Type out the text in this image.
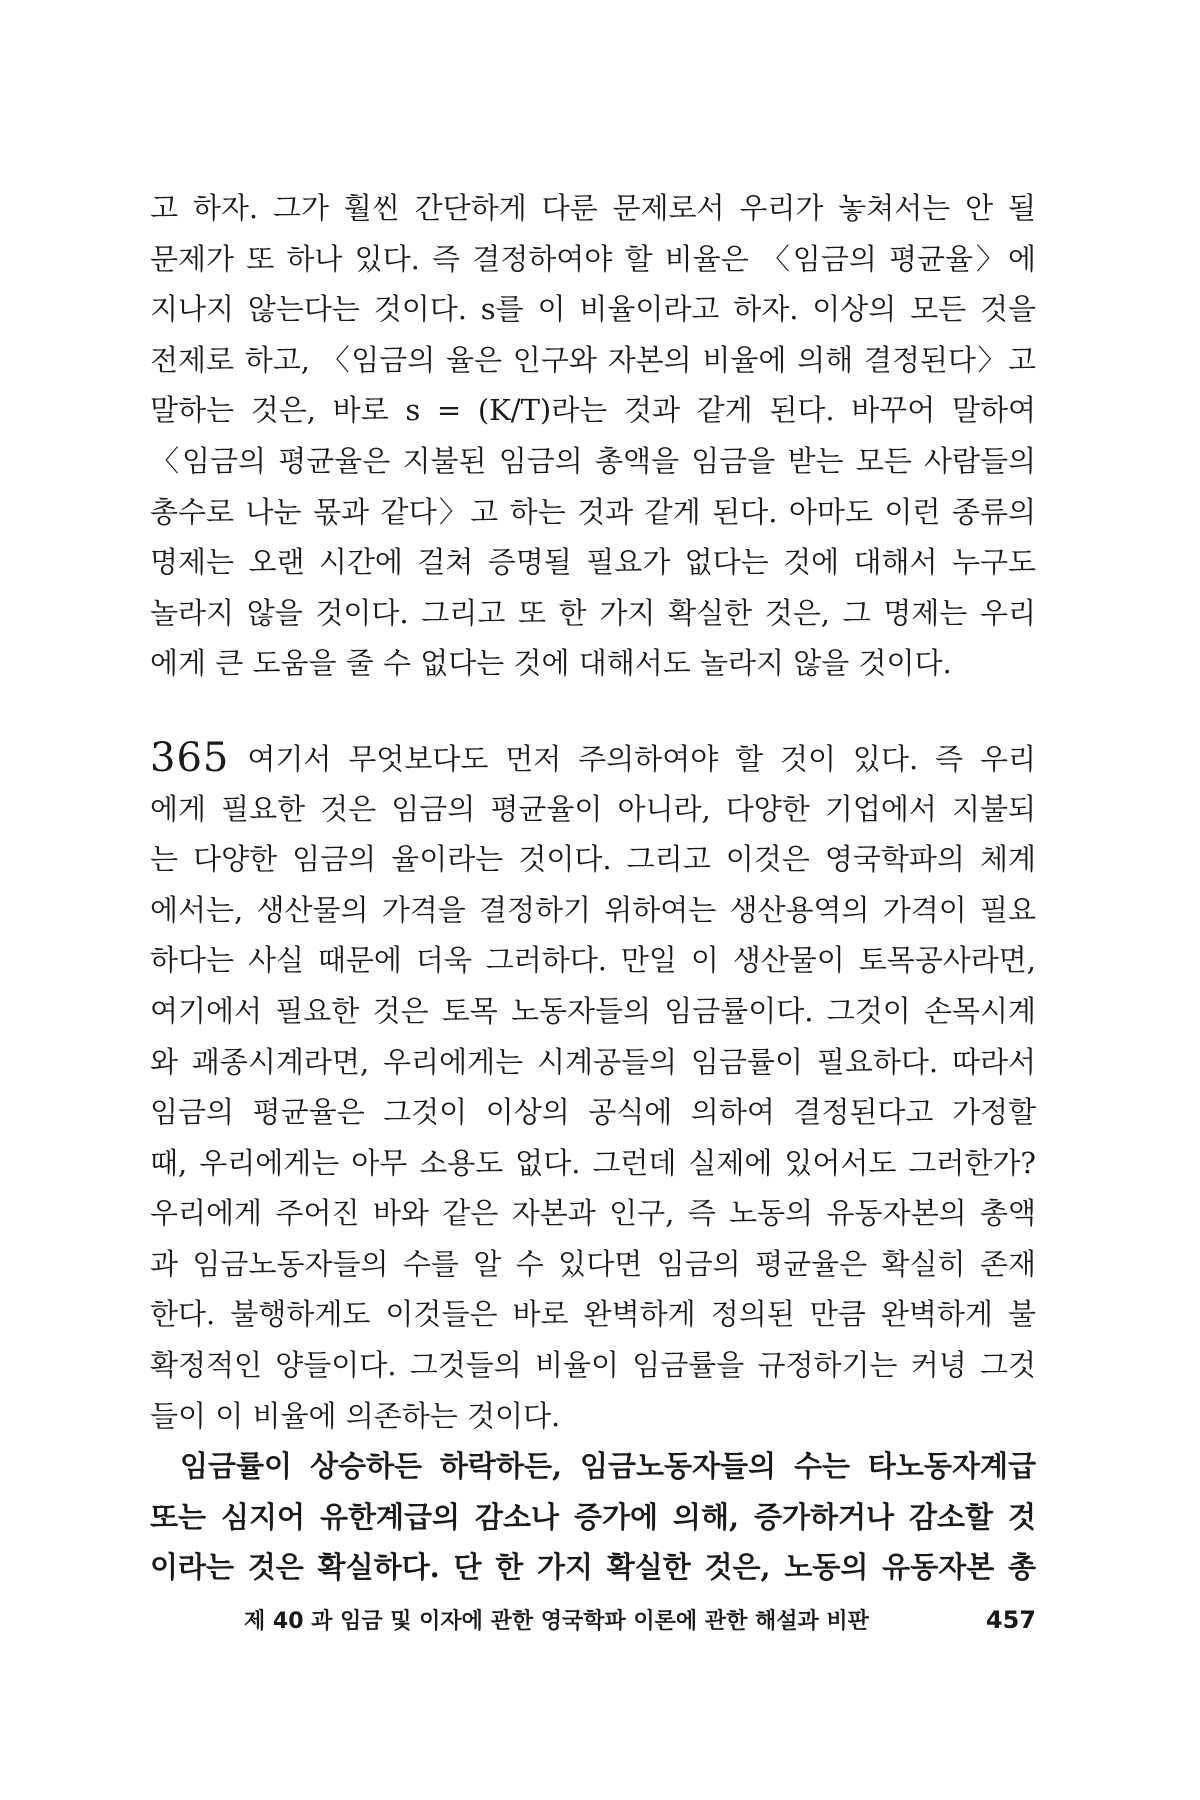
고 하자. 그가 훨씬 간단하게 다룬 문제로서 우리가 놓쳐서는 안 될
문제가 또 하나 있다. 즉 결정하여야 할 비율은 〈임금의 평균율〉에
지나지 않는다는 것이다. s를 이 비율이라고 하자. 이상의 모든 것을
전제로 하고, 〈임금의 율은 인구와 자본의 비율에 의해 결정된다〉고
말하는 것은, 바로 s = (K/T)라는 것과 같게 된다. 바꾸어 말하여
〈임금의 평균율은 지불된 임금의 총액을 임금을 받는 모든 사람들의
총수로 나눈 몫과 같다〉고 하는 것과 같게 된다. 아마도 이런 종류의
명제는 오랜 시간에 걸쳐 증명될 필요가 없다는 것에 대해서 누구도
놀라지 않을 것이다. 그리고 또 한 가지 확실한 것은, 그 명제는 우리
에게 큰 도움을 줄 수 없다는 것에 대해서도 놀라지 않을 것이다.
365 여기서 무엇보다도 먼저 주의하여야 할 것이 있다. 즉 우리
에게 필요한 것은 임금의 평균율이 아니라, 다양한 기업에서 지불되
는 다양한 임금의 율이라는 것이다. 그리고 이것은 영국학파의 체계
에서는, 생산물의 가격을 결정하기 위하여는 생산용역의 가격이 필요
하다는 사실 때문에 더욱 그러하다. 만일 이 생산물이 토목공사라면,
여기에서 필요한 것은 토목 노동자들의 임금률이다. 그것이 손목시계
와 괘종시계라면, 우리에게는 시계공들의 임금률이 필요하다. 따라서
임금의 평균율은 그것이 이상의 공식에 의하여 결정된다고 가정할
때, 우리에게는 아무 소용도 없다. 그런데 실제에 있어서도 그러한가?
우리에게 주어진 바와 같은 자본과 인구, 즉 노동의 유동자본의 총액
과 임금노동자들의 수를 알 수 있다면 임금의 평균율은 확실히 존재
한다. 불행하게도 이것들은 바로 완벽하게 정의된 만큼 완벽하게 불
확정적인 양들이다. 그것들의 비율이 임금률을 규정하기는 커녕 그것
들이 이 비율에 의존하는 것이다.
임금률이 상승하든 하락하든, 임금노동자들의 수는 타노동자계급
또는 심지어 유한계급의 감소나 증가에 의해, 증가하거나 감소할 것
이라는 것은 확실하다. 단 한 가지 확실한 것은, 노동의 유동자본 총
제 40 과 임금 및 이자에 관한 영국학파 이론에 관한 해설과 비판	457
